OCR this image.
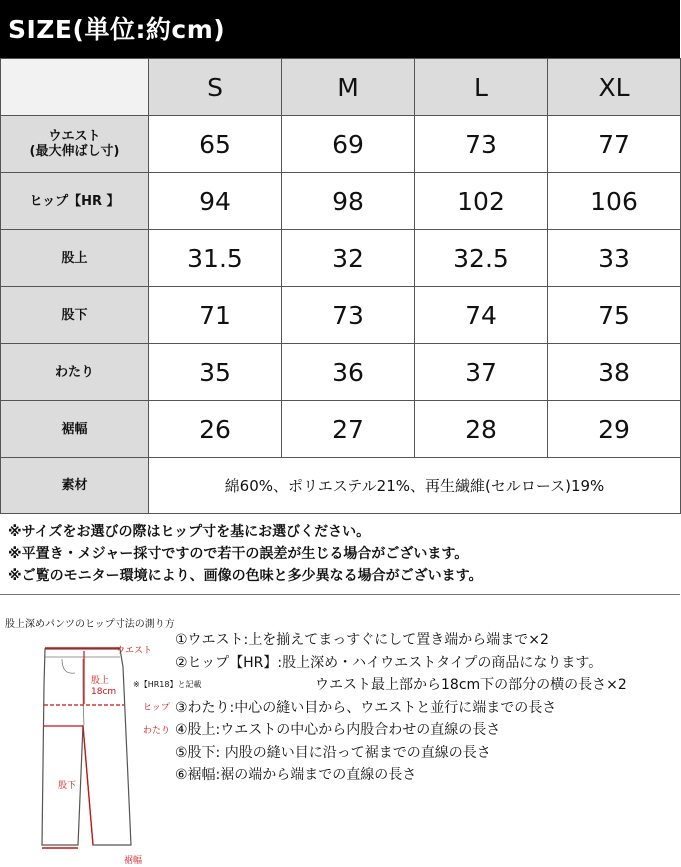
SIZE(単位:約cm)
	S	M	L	XL

ウエスト
(最大伸ばし寸)	65	69	73	77
ヒップ【HR 】	94	98	102	106
股上	31.5	32	32.5	33
股下	71	73	74	75
わたり	35	36	37	38
裾幅	26	27	28	29
素材	綿60%、ポリエステル21%、再生繊維(セルロース)19%			
※サイズをお選びの際はヒップ寸を基にお選びください。
※平置き・メジャー採寸ですので若干の誤差が生じる場合がございます。
※ご覧のモニター環境により、画像の色味と多少異なる場合がございます。
股上深めパンツのヒップ寸法の測り方
ウエスト
股上
18cm
※【HR18】と記載
ヒップ
わたり
股下
裾幅
①ウエスト:上を揃えてまっすぐにして置き端から端まで×2
②ヒップ【HR】:股上深め・ハイウエストタイプの商品になります。
ウエスト最上部から18cm下の部分の横の長さ×2
③わたり:中心の縫い目から、ウエストと並行に端までの長さ
④股上:ウエストの中心から内股合わせの直線の長さ
⑤股下: 内股の縫い目に沿って裾までの直線の長さ
⑥裾幅:裾の端から端までの直線の長さ
